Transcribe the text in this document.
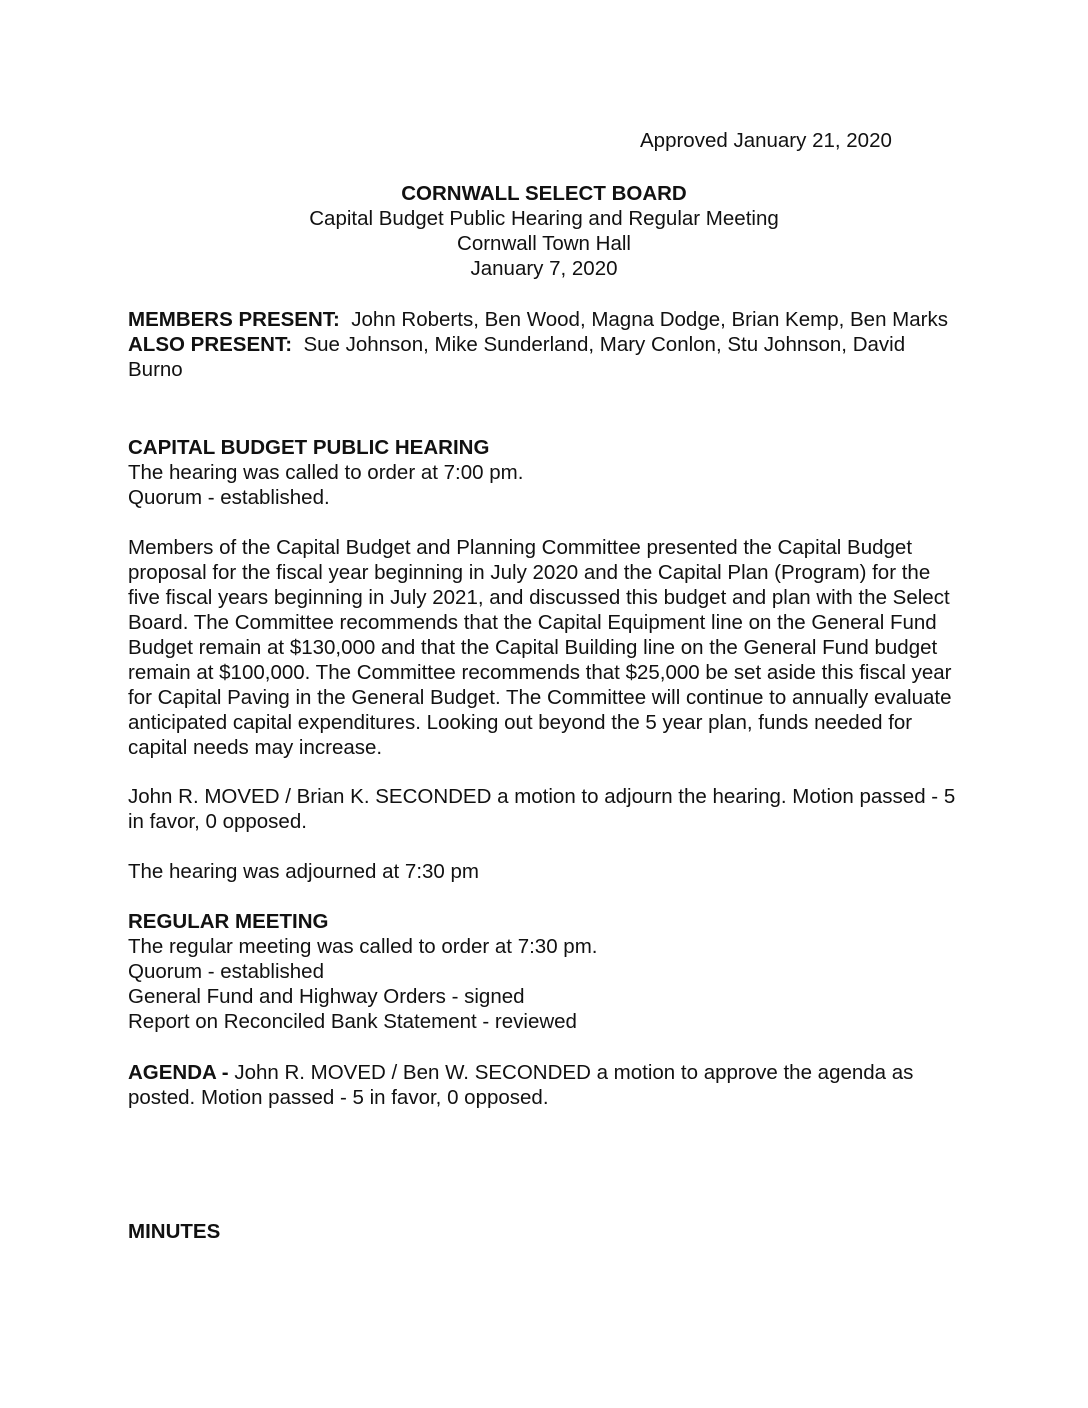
Approved January 21, 2020
CORNWALL SELECT BOARD
Capital Budget Public Hearing and Regular Meeting
Cornwall Town Hall
January 7, 2020

MEMBERS PRESENT: John Roberts, Ben Wood, Magna Dodge, Brian Kemp, Ben Marks

ALSO PRESENT: Sue Johnson, Mike Sunderland, Mary Conlon, Stu Johnson, David Burno

CAPITAL BUDGET PUBLIC HEARING
The hearing was called to order at 7:00 pm.
Quorum - established.

Members of the Capital Budget and Planning Committee presented the Capital Budget proposal for the fiscal year beginning in July 2020 and the Capital Plan (Program) for the five fiscal years beginning in July 2021, and discussed this budget and plan with the Select Board. The Committee recommends that the Capital Equipment line on the General Fund Budget remain at $130,000 and that the Capital Building line on the General Fund budget remain at $100,000. The Committee recommends that $25,000 be set aside this fiscal year for Capital Paving in the General Budget. The Committee will continue to annually evaluate anticipated capital expenditures. Looking out beyond the 5 year plan, funds needed for capital needs may increase.

John R. MOVED / Brian K. SECONDED a motion to adjourn the hearing. Motion passed - 5 in favor, 0 opposed.

The hearing was adjourned at 7:30 pm
REGULAR MEETING
The regular meeting was called to order at 7:30 pm.
Quorum - established
General Fund and Highway Orders - signed
Report on Reconciled Bank Statement - reviewed

AGENDA - John R. MOVED / Ben W. SECONDED a motion to approve the agenda as posted. Motion passed - 5 in favor, 0 opposed.

MINUTES
